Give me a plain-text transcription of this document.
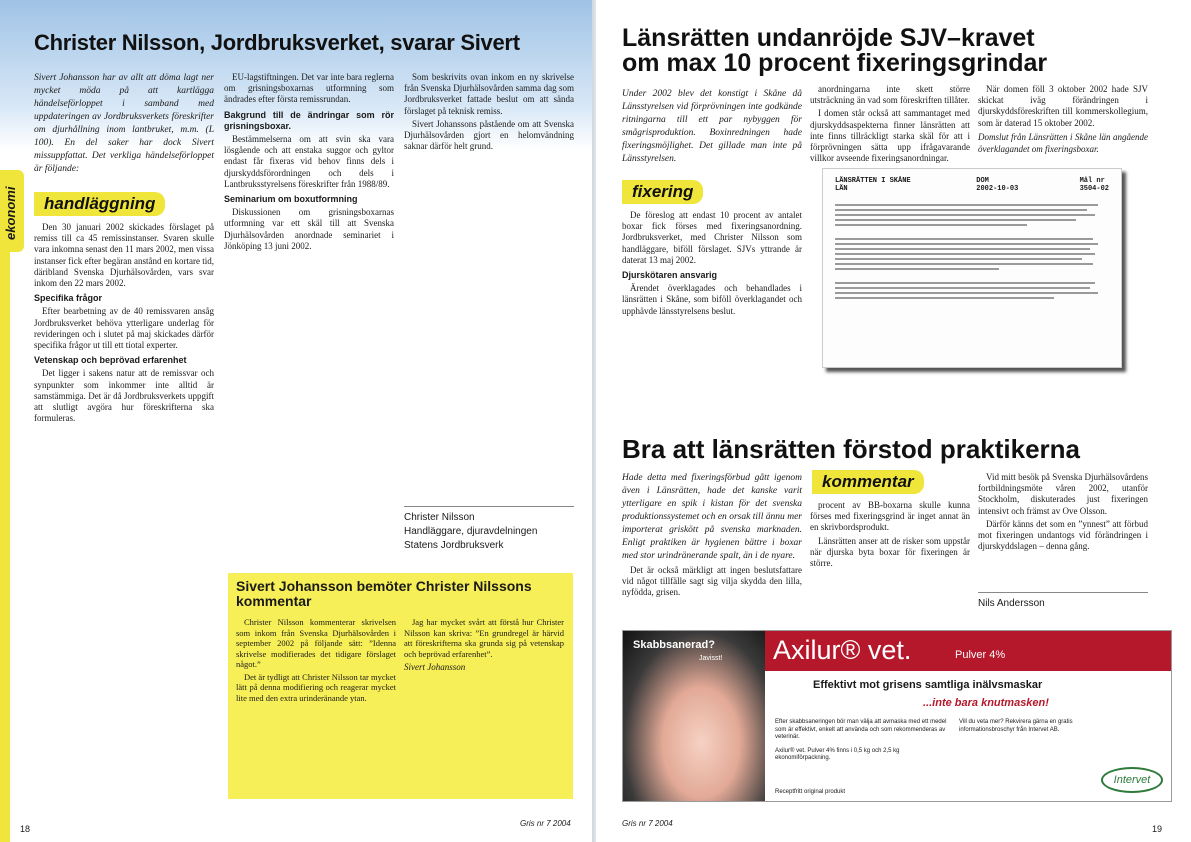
ekonomi
Christer Nilsson, Jordbruksverket, svarar Sivert

Sivert Johansson har av allt att döma lagt ner mycket möda på att kartlägga händelseförloppet i samband med uppdateringen av Jordbruksverkets föreskrifter om djurhållning inom lantbruket, m.m. (L 100). En del saker har dock Sivert missuppfattat. Det verkliga händelseförloppet är följande:

handläggning

Den 30 januari 2002 skickades förslaget på remiss till ca 45 remissinstanser. Svaren skulle vara inkomna senast den 11 mars 2002, men vissa instanser fick efter begäran anstånd en kortare tid, däribland Svenska Djurhälsovården, vars svar inkom den 22 mars 2002.

Specifika frågor

Efter bearbetning av de 40 remissvaren ansåg Jordbruksverket behöva ytterligare underlag för revideringen och i slutet på maj skickades därför specifika frågor ut till ett tiotal experter.

Vetenskap och beprövad erfarenhet

Det ligger i sakens natur att de remissvar och synpunkter som inkommer inte alltid är samstämmiga. Det är då Jordbruksverkets uppgift att slutligt avgöra hur föreskrifterna ska formuleras.

EU-lagstiftningen. Det var inte bara reglerna om grisningsboxarnas utformning som ändrades efter första remissrundan.

Bakgrund till de ändringar som rör grisningsboxar.

Bestämmelserna om att svin ska vara lösgående och att enstaka suggor och gyltor endast får fixeras vid behov finns dels i djurskyddsförordningen och dels i Lantbruksstyrelsens föreskrifter från 1988/89.

Seminarium om boxutformning

Diskussionen om grisningsboxarnas utformning var ett skäl till att Svenska Djurhälsovården anordnade seminariet i Jönköping 13 juni 2002.

Som beskrivits ovan inkom en ny skrivelse från Svenska Djurhälsovården samma dag som Jordbruksverket fattade beslut om att sända förslaget på teknisk remiss.

Sivert Johanssons påstående om att Svenska Djurhälsovården gjort en helomvändning saknar därför helt grund.

Christer Nilsson

Handläggare, djuravdelningen

Statens Jordbruksverk

Sivert Johansson bemöter Christer Nilssons kommentar

Christer Nilsson kommenterar skrivelsen som inkom från Svenska Djurhälsovården i september 2002 på följande sätt: ”Idenna skrivelse modifierades det tidigare förslaget något.”

Det är tydligt att Christer Nilsson tar mycket lätt på denna modifiering och reagerar mycket lite med den extra urinderänande ytan.

Jag har mycket svårt att förstå hur Christer Nilsson kan skriva: ”En grundregel är härvid att föreskrifterna ska grunda sig på vetenskap och beprövad erfarenhet”.

Sivert Johansson

18
Gris nr 7 2004
Länsrätten undanröjde SJV–kravet om max 10 procent fixeringsgrindar

Under 2002 blev det konstigt i Skåne då Länsstyrelsen vid förprövningen inte godkände ritningarna till ett par nybyggen för smågrisproduktion. Boxinredningen hade fixeringsmöjlighet. Det gillade man inte på Länsstyrelsen.

fixering

De föreslog att endast 10 procent av antalet boxar fick förses med fixeringsanordning. Jordbruksverket, med Christer Nilsson som handläggare, biföll förslaget. SJVs yttrande är daterat 13 maj 2002.

Djurskötaren ansvarig

Ärendet överklagades och behandlades i länsrätten i Skåne, som biföll överklagandet och upphävde länsstyrelsens beslut.

anordningarna inte skett större utsträckning än vad som föreskriften tillåter.

I domen står också att sammantaget med djurskyddsaspekterna finner länsrätten att inte finns tillräckligt starka skäl för att i förprövningen sätta upp ifrågavarande villkor avseende fixeringsanordningar.

När domen föll 3 oktober 2002 hade SJV skickat iväg förändringen i djurskyddsföreskriften till kommerskollegium, som är daterad 15 oktober 2002.

Domslut från Länsrätten i Skåne län angående överklagandet om fixeringsboxar.

LÄNSRÄTTEN I SKÅNE LÄN
DOM
2002-10-03
Mål nr
3504-02
Bra att länsrätten förstod praktikerna

Hade detta med fixeringsförbud gått igenom även i Länsrätten, hade det kanske varit ytterligare en spik i kistan för det svenska produktionssystemet och en orsak till ännu mer importerat griskött på svenska marknaden. Enligt praktiken är hygienen bättre i boxar med stor urindränerande spalt, än i de nyare.

Det är också märkligt att ingen beslutsfattare vid något tillfälle sagt sig vilja skydda den lilla, nyfödda, grisen.

kommentar

procent av BB-boxarna skulle kunna förses med fixeringsgrind är inget annat än en skrivbordsprodukt.

Länsrätten anser att de risker som uppstår när djurska byta boxar för fixeringen är större.

Vid mitt besök på Svenska Djurhälsovårdens fortbildningsmöte våren 2002, utanför Stockholm, diskuterades just fixeringen intensivt och främst av Ove Olsson.

Därför känns det som en ”ynnest” att förbud mot fixeringen undantogs vid förändringen i djurskyddslagen – denna gång.

Nils Andersson

Skabbsanerad?
Javisst! Axilur® vet.	Pulver 4%
Effektivt mot grisens samtliga inälvsmaskar
...inte bara knutmasken!

Efter skabbsaneringen bör man välja att avmaska med ett medel som är effektivt, enkelt att använda och som rekommenderas av veterinär.

Axilur® vet. Pulver 4% finns i 0,5 kg och 2,5 kg ekonomiförpackning.

Vill du veta mer? Rekvirera gärna en gratis informationsbroschyr från Intervet AB.
Receptfritt original produkt
Intervet
Gris nr 7 2004
19
